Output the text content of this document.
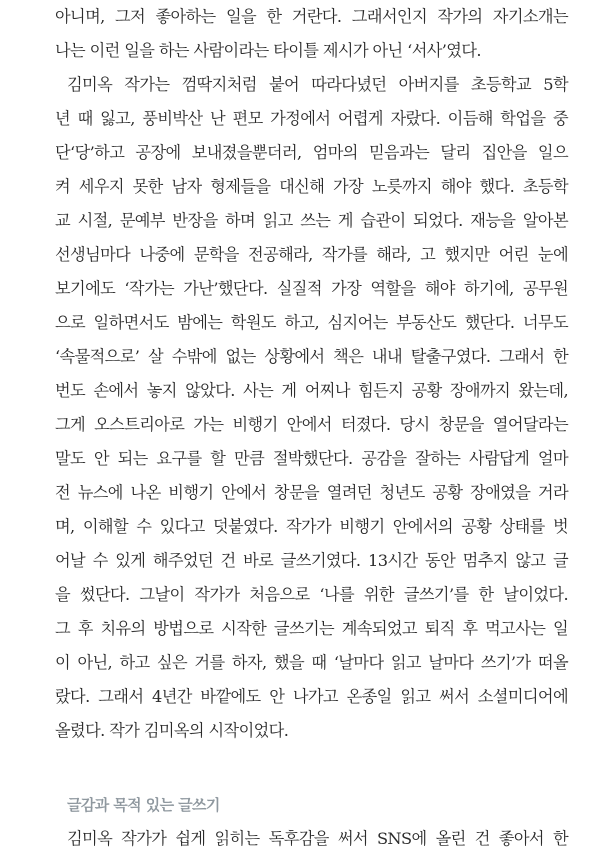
아니며, 그저 좋아하는 일을 한 거란다. 그래서인지 작가의 자기소개는
나는 이런 일을 하는 사람이라는 타이틀 제시가 아닌 ‘서사’였다.
김미옥 작가는 껌딱지처럼 붙어 따라다녔던 아버지를 초등학교 5학
년 때 잃고, 풍비박산 난 편모 가정에서 어렵게 자랐다. 이듬해 학업을 중
단‘당’하고 공장에 보내졌을뿐더러, 엄마의 믿음과는 달리 집안을 일으
켜 세우지 못한 남자 형제들을 대신해 가장 노릇까지 해야 했다. 초등학
교 시절, 문예부 반장을 하며 읽고 쓰는 게 습관이 되었다. 재능을 알아본
선생님마다 나중에 문학을 전공해라, 작가를 해라, 고 했지만 어린 눈에
보기에도 ‘작가는 가난’했단다. 실질적 가장 역할을 해야 하기에, 공무원
으로 일하면서도 밤에는 학원도 하고, 심지어는 부동산도 했단다. 너무도
‘속물적으로’ 살 수밖에 없는 상황에서 책은 내내 탈출구였다. 그래서 한
번도 손에서 놓지 않았다. 사는 게 어찌나 힘든지 공황 장애까지 왔는데,
그게 오스트리아로 가는 비행기 안에서 터졌다. 당시 창문을 열어달라는
말도 안 되는 요구를 할 만큼 절박했단다. 공감을 잘하는 사람답게 얼마
전 뉴스에 나온 비행기 안에서 창문을 열려던 청년도 공황 장애였을 거라
며, 이해할 수 있다고 덧붙였다. 작가가 비행기 안에서의 공황 상태를 벗
어날 수 있게 해주었던 건 바로 글쓰기였다. 13시간 동안 멈추지 않고 글
을 썼단다. 그날이 작가가 처음으로 ‘나를 위한 글쓰기’를 한 날이었다.
그 후 치유의 방법으로 시작한 글쓰기는 계속되었고 퇴직 후 먹고사는 일
이 아닌, 하고 싶은 거를 하자, 했을 때 ‘날마다 읽고 날마다 쓰기’가 떠올
랐다. 그래서 4년간 바깥에도 안 나가고 온종일 읽고 써서 소셜미디어에
올렸다. 작가 김미옥의 시작이었다.
글감과 목적 있는 글쓰기
김미옥 작가가 쉽게 읽히는 독후감을 써서 SNS에 올린 건 좋아서 한
